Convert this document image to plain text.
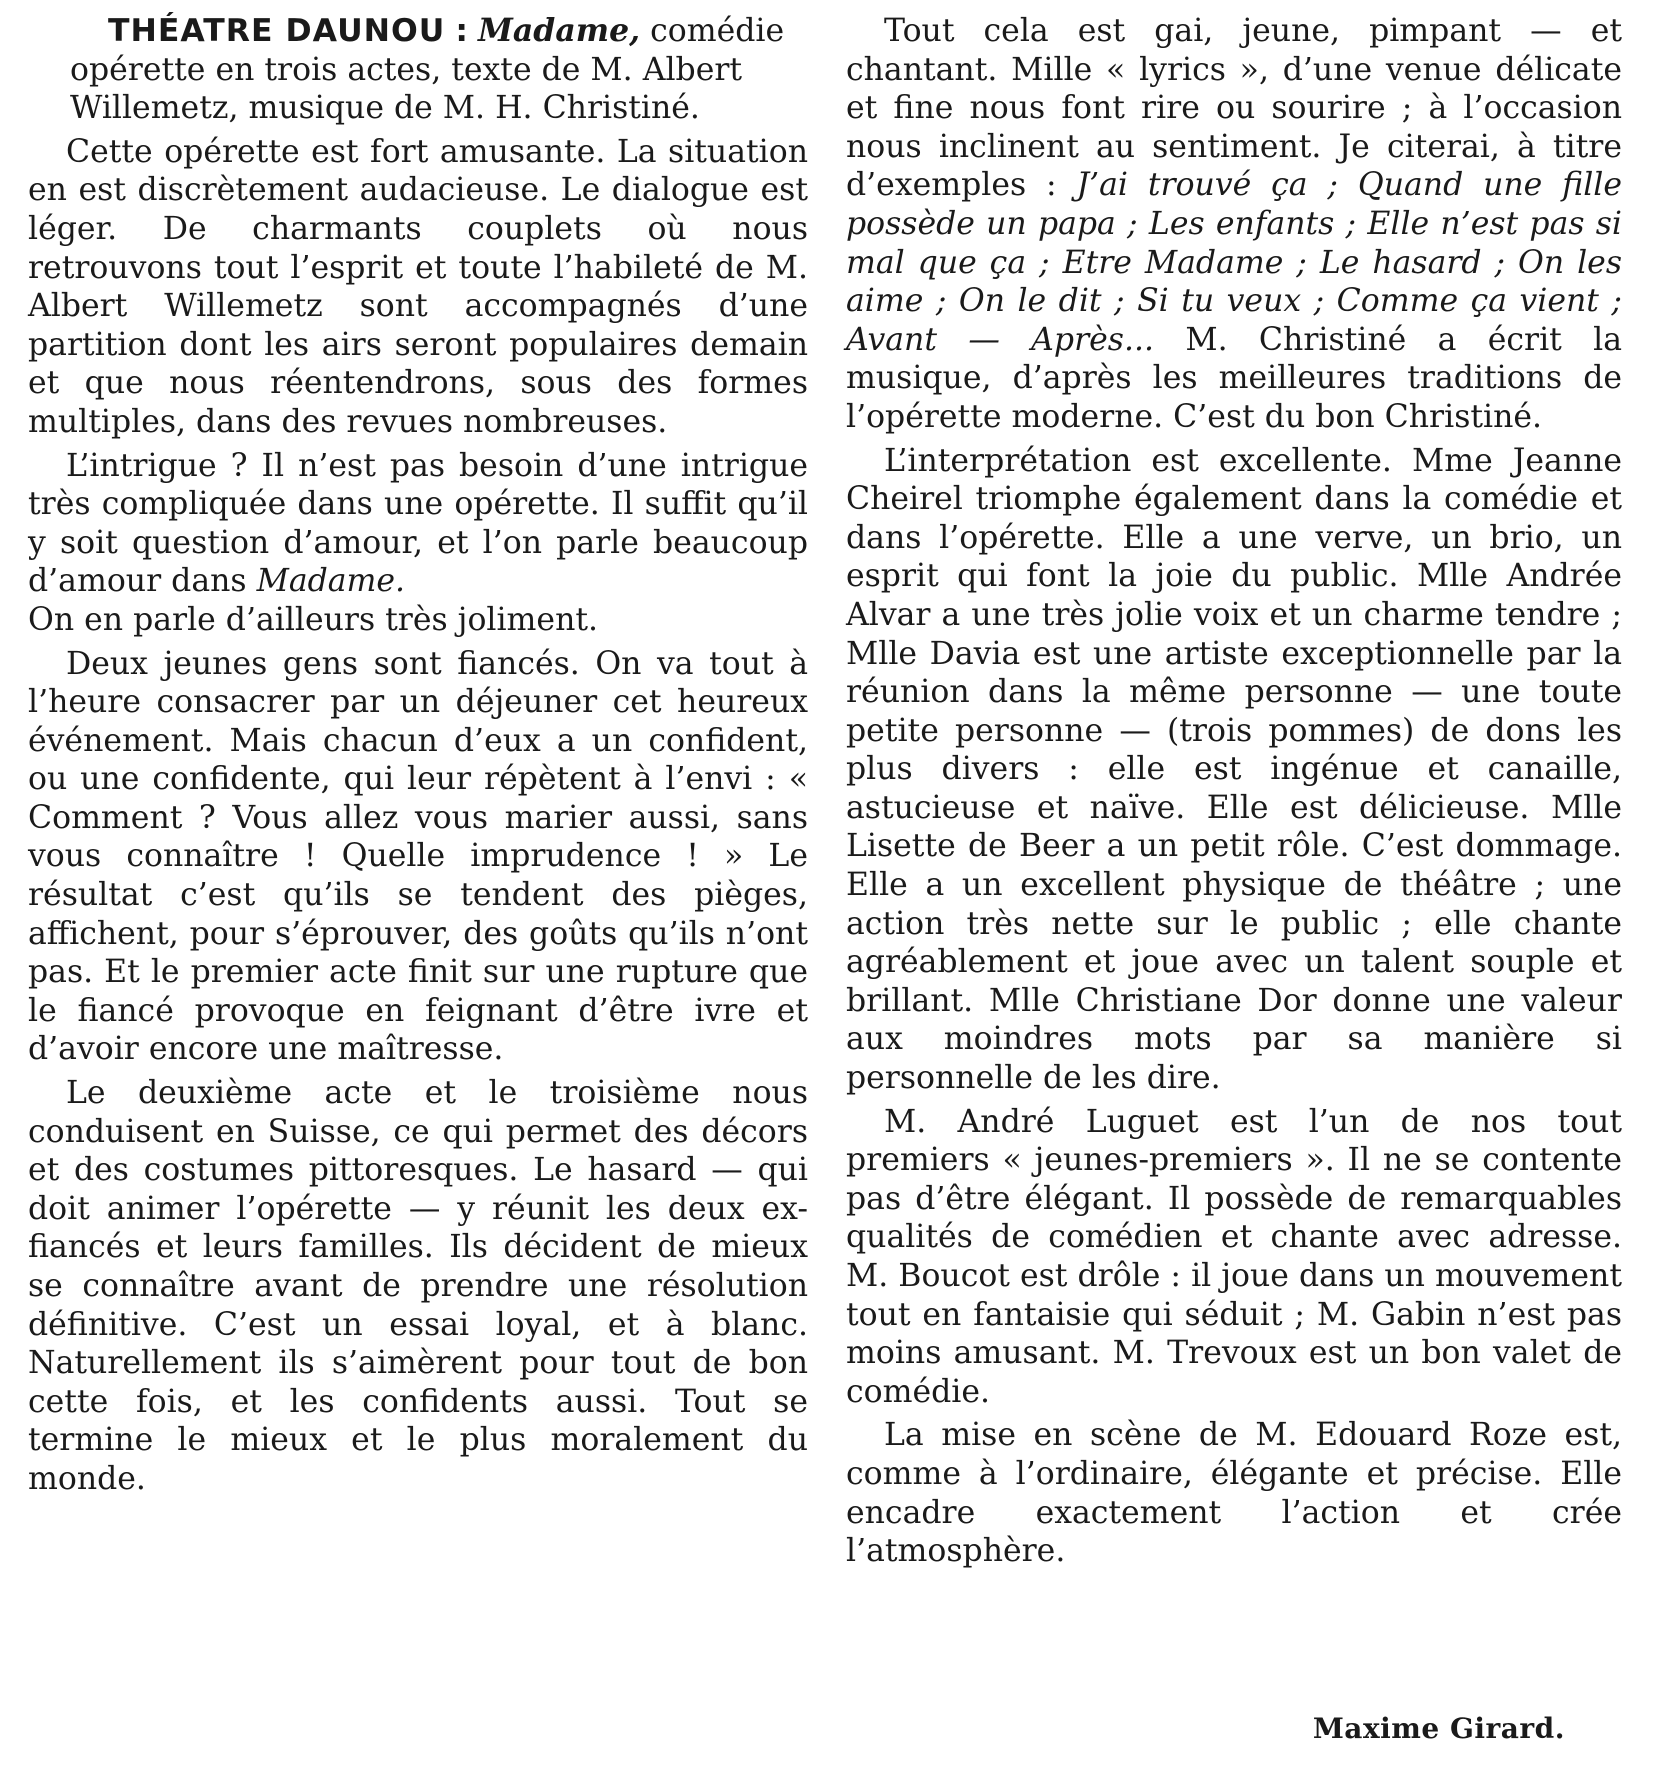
THÉATRE DAUNOU : Madame, comédie opérette en trois actes, texte de M. Albert Willemetz, musique de M. H. Christiné.

Cette opérette est fort amusante. La situation en est discrètement audacieuse. Le dialogue est léger. De charmants couplets où nous retrouvons tout l’esprit et toute l’habileté de M. Albert Willemetz sont accompagnés d’une partition dont les airs seront populaires demain et que nous réentendrons, sous des formes multiples, dans des revues nombreuses.

L’intrigue ? Il n’est pas besoin d’une intrigue très compliquée dans une opérette. Il suffit qu’il y soit question d’amour, et l’on parle beaucoup d’amour dans Madame.
On en parle d’ailleurs très joliment.

Deux jeunes gens sont fiancés. On va tout à l’heure consacrer par un déjeuner cet heureux événement. Mais chacun d’eux a un confident, ou une confidente, qui leur répètent à l’envi : « Comment ? Vous allez vous marier aussi, sans vous connaître ! Quelle imprudence ! » Le résultat c’est qu’ils se tendent des pièges, affichent, pour s’éprouver, des goûts qu’ils n’ont pas. Et le premier acte finit sur une rupture que le fiancé provoque en feignant d’être ivre et d’avoir encore une maîtresse.

Le deuxième acte et le troisième nous conduisent en Suisse, ce qui permet des décors et des costumes pittoresques. Le hasard — qui doit animer l’opérette — y réunit les deux ex-fiancés et leurs familles. Ils décident de mieux se connaître avant de prendre une résolution définitive. C’est un essai loyal, et à blanc. Naturellement ils s’aimèrent pour tout de bon cette fois, et les confidents aussi. Tout se termine le mieux et le plus moralement du monde.

Tout cela est gai, jeune, pimpant — et chantant. Mille « lyrics », d’une venue délicate et fine nous font rire ou sourire ; à l’occasion nous inclinent au sentiment. Je citerai, à titre d’exemples : J’ai trouvé ça ; Quand une fille possède un papa ; Les enfants ; Elle n’est pas si mal que ça ; Etre Madame ; Le hasard ; On les aime ; On le dit ; Si tu veux ; Comme ça vient ; Avant — Après... M. Christiné a écrit la musique, d’après les meilleures traditions de l’opérette moderne. C’est du bon Christiné.

L’interprétation est excellente. Mme Jeanne Cheirel triomphe également dans la comédie et dans l’opérette. Elle a une verve, un brio, un esprit qui font la joie du public. Mlle Andrée Alvar a une très jolie voix et un charme tendre ; Mlle Davia est une artiste exceptionnelle par la réunion dans la même personne — une toute petite personne — (trois pommes) de dons les plus divers : elle est ingénue et canaille, astucieuse et naïve. Elle est délicieuse. Mlle Lisette de Beer a un petit rôle. C’est dommage. Elle a un excellent physique de théâtre ; une action très nette sur le public ; elle chante agréablement et joue avec un talent souple et brillant. Mlle Christiane Dor donne une valeur aux moindres mots par sa manière si personnelle de les dire.

M. André Luguet est l’un de nos tout premiers « jeunes-premiers ». Il ne se contente pas d’être élégant. Il possède de remarquables qualités de comédien et chante avec adresse. M. Boucot est drôle : il joue dans un mouvement tout en fantaisie qui séduit ; M. Gabin n’est pas moins amusant. M. Trevoux est un bon valet de comédie.

La mise en scène de M. Edouard Roze est, comme à l’ordinaire, élégante et précise. Elle encadre exactement l’action et crée l’atmosphère.

Maxime Girard.
